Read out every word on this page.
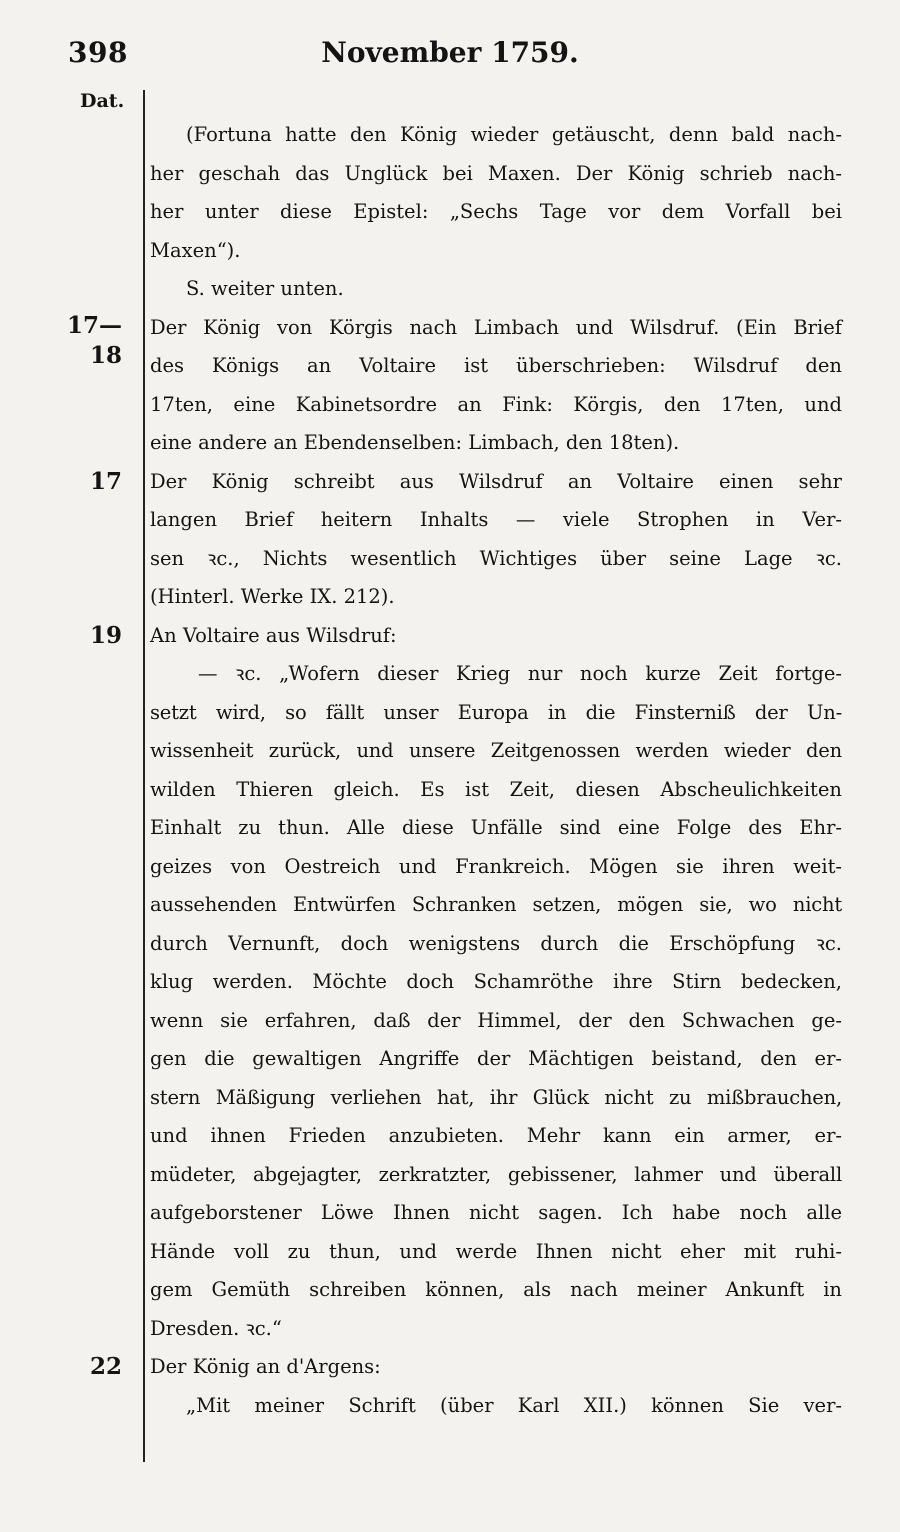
398	November 1759.
Dat.
(Fortuna hatte den König wieder getäuscht, denn bald nach-
her geschah das Unglück bei Maxen. Der König schrieb nach-
her unter diese Epistel: „Sechs Tage vor dem Vorfall bei
Maxen“).
S. weiter unten.
17—
18
Der König von Körgis nach Limbach und Wilsdruf. (Ein Brief
des Königs an Voltaire ist überschrieben: Wilsdruf den
17ten, eine Kabinetsordre an Fink: Körgis, den 17ten, und
eine andere an Ebendenselben: Limbach, den 18ten).
17 Der König schreibt aus Wilsdruf an Voltaire einen sehr
langen Brief heitern Inhalts — viele Strophen in Ver-
sen ꝛc., Nichts wesentlich Wichtiges über seine Lage ꝛc.
(Hinterl. Werke IX. 212).
19 An Voltaire aus Wilsdruf:
— ꝛc. „Wofern dieser Krieg nur noch kurze Zeit fortge-
setzt wird, so fällt unser Europa in die Finsterniß der Un-
wissenheit zurück, und unsere Zeitgenossen werden wieder den
wilden Thieren gleich. Es ist Zeit, diesen Abscheulichkeiten
Einhalt zu thun. Alle diese Unfälle sind eine Folge des Ehr-
geizes von Oestreich und Frankreich. Mögen sie ihren weit-
aussehenden Entwürfen Schranken setzen, mögen sie, wo nicht
durch Vernunft, doch wenigstens durch die Erschöpfung ꝛc.
klug werden. Möchte doch Schamröthe ihre Stirn bedecken,
wenn sie erfahren, daß der Himmel, der den Schwachen ge-
gen die gewaltigen Angriffe der Mächtigen beistand, den er-
stern Mäßigung verliehen hat, ihr Glück nicht zu mißbrauchen,
und ihnen Frieden anzubieten. Mehr kann ein armer, er-
müdeter, abgejagter, zerkratzter, gebissener, lahmer und überall
aufgeborstener Löwe Ihnen nicht sagen. Ich habe noch alle
Hände voll zu thun, und werde Ihnen nicht eher mit ruhi-
gem Gemüth schreiben können, als nach meiner Ankunft in
Dresden. ꝛc.“
22 Der König an d'Argens:
„Mit meiner Schrift (über Karl XII.) können Sie ver-
